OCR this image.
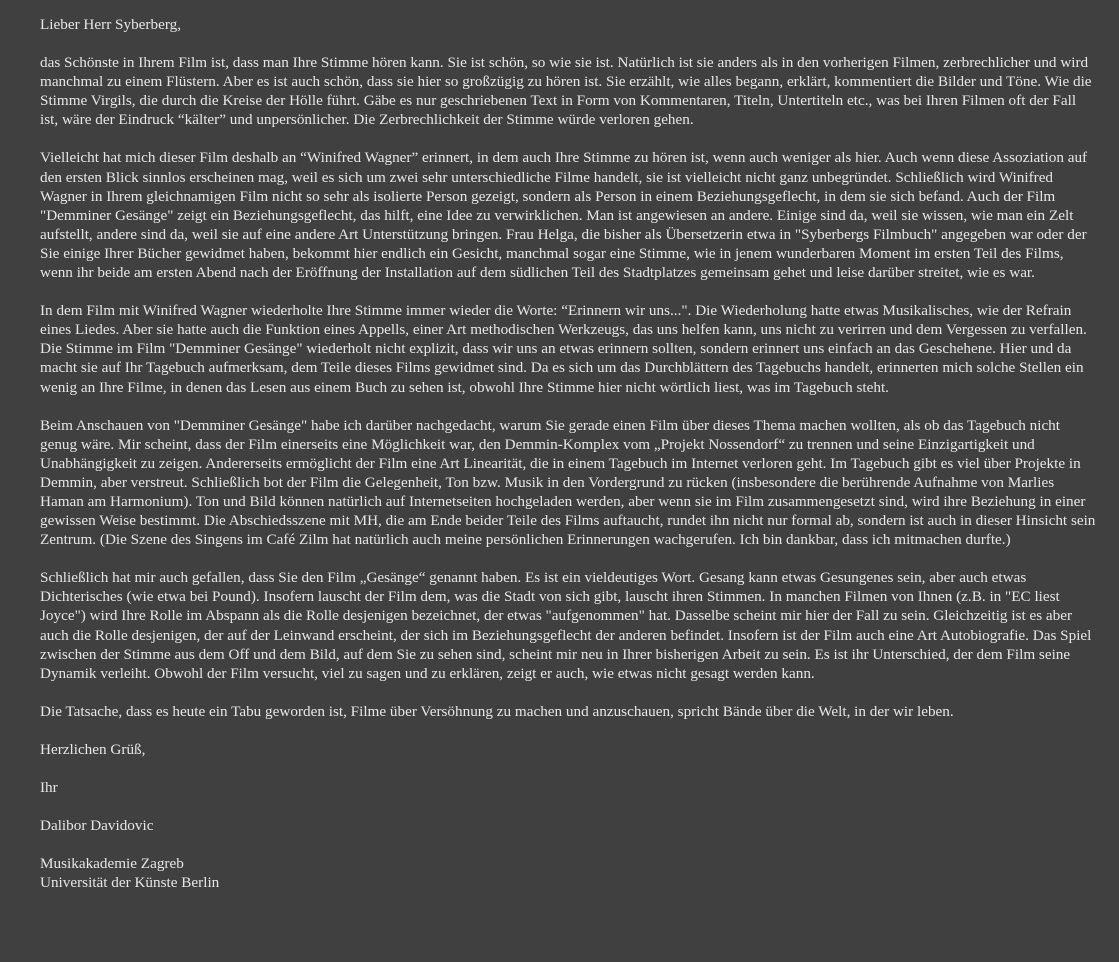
Lieber Herr Syberberg,

das Schönste in Ihrem Film ist, dass man Ihre Stimme hören kann. Sie ist schön, so wie sie ist. Natürlich ist sie anders als in den vorherigen Filmen, zerbrechlicher und wird manchmal zu einem Flüstern. Aber es ist auch schön, dass sie hier so großzügig zu hören ist. Sie erzählt, wie alles begann, erklärt, kommentiert die Bilder und Töne. Wie die Stimme Virgils, die durch die Kreise der Hölle führt. Gäbe es nur geschriebenen Text in Form von Kommentaren, Titeln, Untertiteln etc., was bei Ihren Filmen oft der Fall ist, wäre der Eindruck “kälter” und unpersönlicher. Die Zerbrechlichkeit der Stimme würde verloren gehen.

Vielleicht hat mich dieser Film deshalb an “Winifred Wagner” erinnert, in dem auch Ihre Stimme zu hören ist, wenn auch weniger als hier. Auch wenn diese Assoziation auf den ersten Blick sinnlos erscheinen mag, weil es sich um zwei sehr unterschiedliche Filme handelt, sie ist vielleicht nicht ganz unbegründet. Schließlich wird Winifred Wagner in Ihrem gleichnamigen Film nicht so sehr als isolierte Person gezeigt, sondern als Person in einem Beziehungsgeflecht, in dem sie sich befand. Auch der Film "Demminer Gesänge" zeigt ein Beziehungsgeflecht, das hilft, eine Idee zu verwirklichen. Man ist angewiesen an andere. Einige sind da, weil sie wissen, wie man ein Zelt aufstellt, andere sind da, weil sie auf eine andere Art Unterstützung bringen. Frau Helga, die bisher als Übersetzerin etwa in "Syberbergs Filmbuch" angegeben war oder der Sie einige Ihrer Bücher gewidmet haben, bekommt hier endlich ein Gesicht, manchmal sogar eine Stimme, wie in jenem wunderbaren Moment im ersten Teil des Films, wenn ihr beide am ersten Abend nach der Eröffnung der Installation auf dem südlichen Teil des Stadtplatzes gemeinsam gehet und leise darüber streitet, wie es war.

In dem Film mit Winifred Wagner wiederholte Ihre Stimme immer wieder die Worte: “Erinnern wir uns...". Die Wiederholung hatte etwas Musikalisches, wie der Refrain eines Liedes. Aber sie hatte auch die Funktion eines Appells, einer Art methodischen Werkzeugs, das uns helfen kann, uns nicht zu verirren und dem Vergessen zu verfallen. Die Stimme im Film "Demminer Gesänge" wiederholt nicht explizit, dass wir uns an etwas erinnern sollten, sondern erinnert uns einfach an das Geschehene. Hier und da macht sie auf Ihr Tagebuch aufmerksam, dem Teile dieses Films gewidmet sind. Da es sich um das Durchblättern des Tagebuchs handelt, erinnerten mich solche Stellen ein wenig an Ihre Filme, in denen das Lesen aus einem Buch zu sehen ist, obwohl Ihre Stimme hier nicht wörtlich liest, was im Tagebuch steht.

Beim Anschauen von "Demminer Gesänge" habe ich darüber nachgedacht, warum Sie gerade einen Film über dieses Thema machen wollten, als ob das Tagebuch nicht genug wäre. Mir scheint, dass der Film einerseits eine Möglichkeit war, den Demmin-Komplex vom „Projekt Nossendorf“ zu trennen und seine Einzigartigkeit und Unabhängigkeit zu zeigen. Andererseits ermöglicht der Film eine Art Linearität, die in einem Tagebuch im Internet verloren geht. Im Tagebuch gibt es viel über Projekte in Demmin, aber verstreut. Schließlich bot der Film die Gelegenheit, Ton bzw. Musik in den Vordergrund zu rücken (insbesondere die berührende Aufnahme von Marlies Haman am Harmonium). Ton und Bild können natürlich auf Internetseiten hochgeladen werden, aber wenn sie im Film zusammengesetzt sind, wird ihre Beziehung in einer gewissen Weise bestimmt. Die Abschiedsszene mit MH, die am Ende beider Teile des Films auftaucht, rundet ihn nicht nur formal ab, sondern ist auch in dieser Hinsicht sein Zentrum. (Die Szene des Singens im Café Zilm hat natürlich auch meine persönlichen Erinnerungen wachgerufen. Ich bin dankbar, dass ich mitmachen durfte.)

Schließlich hat mir auch gefallen, dass Sie den Film „Gesänge“ genannt haben. Es ist ein vieldeutiges Wort. Gesang kann etwas Gesungenes sein, aber auch etwas Dichterisches (wie etwa bei Pound). Insofern lauscht der Film dem, was die Stadt von sich gibt, lauscht ihren Stimmen. In manchen Filmen von Ihnen (z.B. in "EC liest Joyce") wird Ihre Rolle im Abspann als die Rolle desjenigen bezeichnet, der etwas "aufgenommen" hat. Dasselbe scheint mir hier der Fall zu sein. Gleichzeitig ist es aber auch die Rolle desjenigen, der auf der Leinwand erscheint, der sich im Beziehungsgeflecht der anderen befindet. Insofern ist der Film auch eine Art Autobiografie. Das Spiel zwischen der Stimme aus dem Off und dem Bild, auf dem Sie zu sehen sind, scheint mir neu in Ihrer bisherigen Arbeit zu sein. Es ist ihr Unterschied, der dem Film seine Dynamik verleiht. Obwohl der Film versucht, viel zu sagen und zu erklären, zeigt er auch, wie etwas nicht gesagt werden kann.

Die Tatsache, dass es heute ein Tabu geworden ist, Filme über Versöhnung zu machen und anzuschauen, spricht Bände über die Welt, in der wir leben.

Herzlichen Grüß,

Ihr

Dalibor Davidovic

Musikakademie Zagreb

Universität der Künste Berlin
